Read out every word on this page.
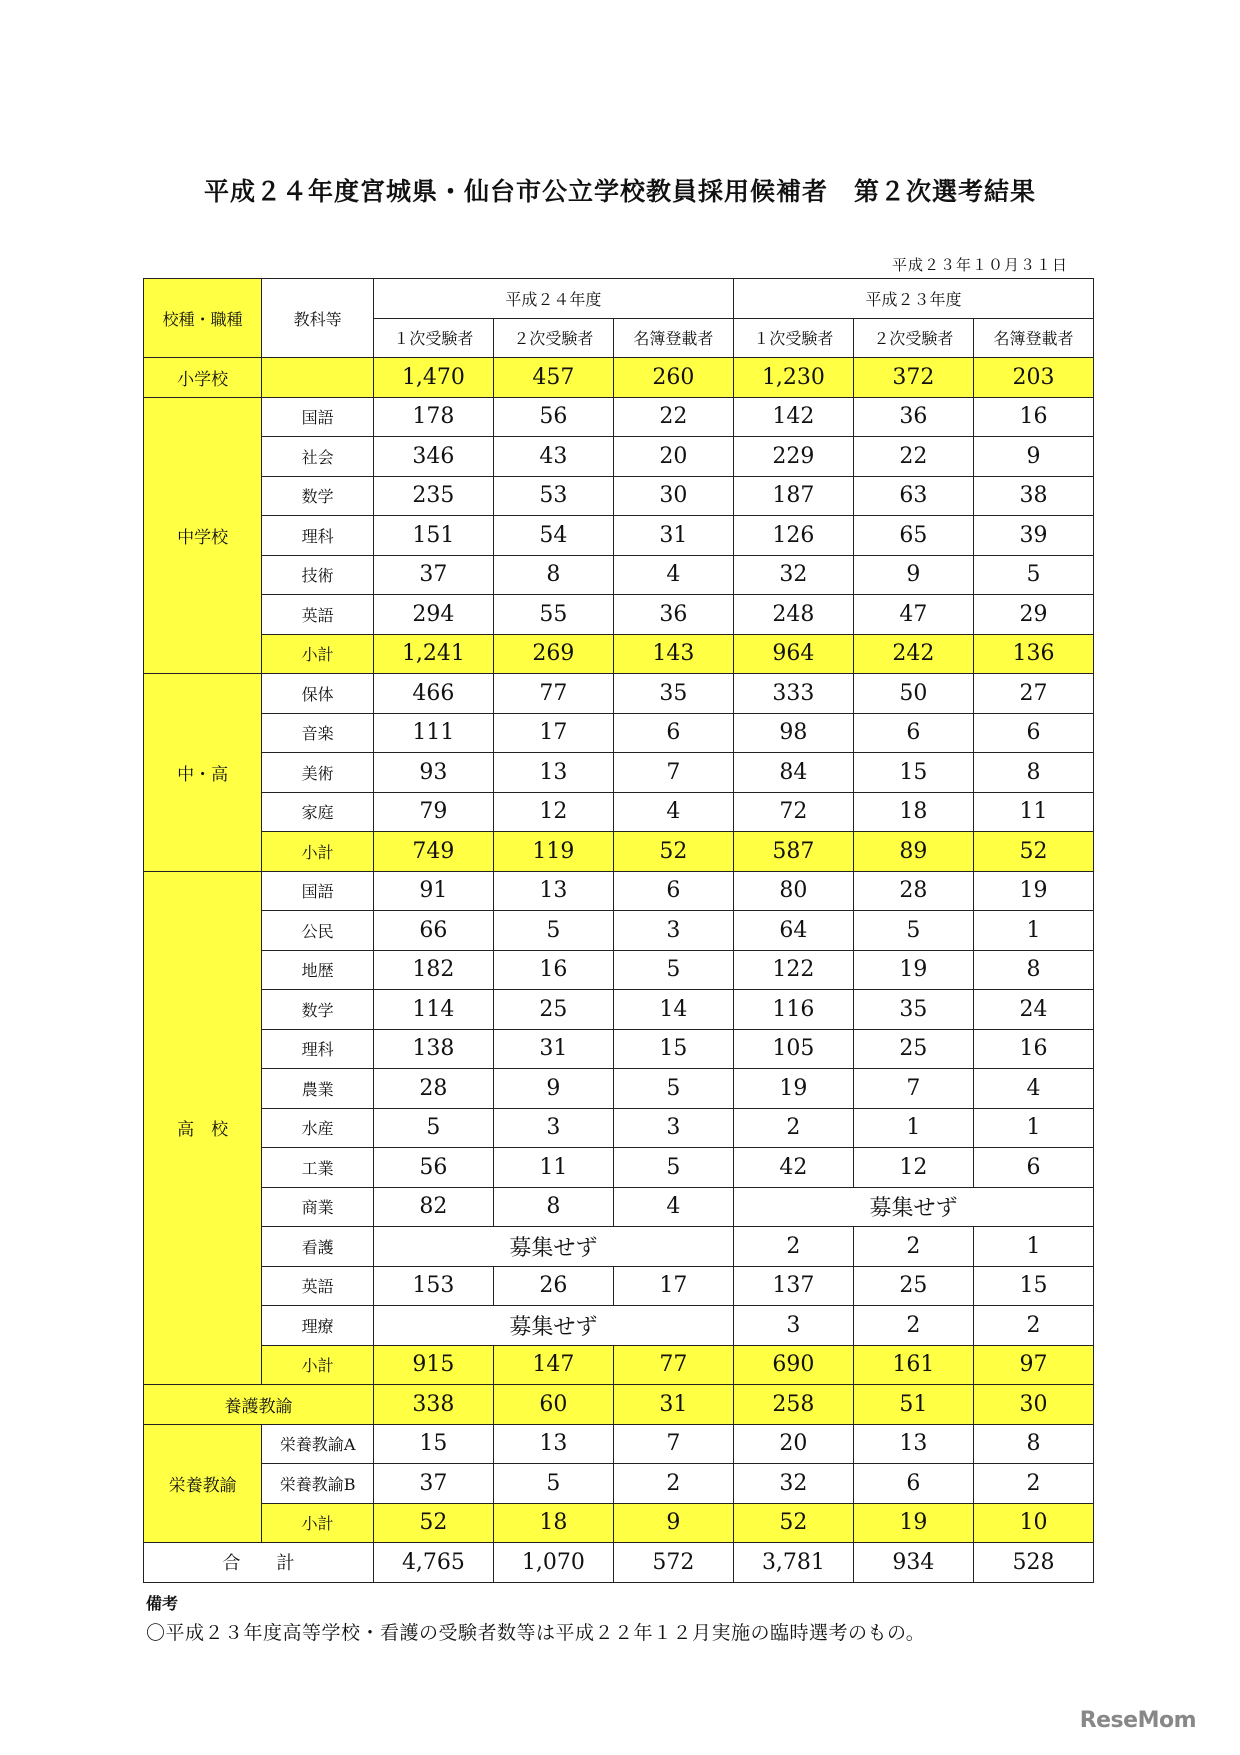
平成２４年度宮城県・仙台市公立学校教員採用候補者　第２次選考結果
平成２３年１０月３１日
校種・職種	教科等	平成２４年度			平成２３年度		
		１次受験者	２次受験者	名簿登載者	１次受験者	２次受験者	名簿登載者
小学校		1,470	457	260	1,230	372	203
中学校	国語	178	56	22	142	36	16
	社会	346	43	20	229	22	9
	数学	235	53	30	187	63	38
	理科	151	54	31	126	65	39
	技術	37	8	4	32	9	5
	英語	294	55	36	248	47	29
	小計	1,241	269	143	964	242	136
中・高	保体	466	77	35	333	50	27
	音楽	111	17	6	98	6	6
	美術	93	13	7	84	15	8
	家庭	79	12	4	72	18	11
	小計	749	119	52	587	89	52
高　校	国語	91	13	6	80	28	19
	公民	66	5	3	64	5	1
	地歴	182	16	5	122	19	8
	数学	114	25	14	116	35	24
	理科	138	31	15	105	25	16
	農業	28	9	5	19	7	4
	水産	5	3	3	2	1	1
	工業	56	11	5	42	12	6
	商業	82	8	4	募集せず		
	看護	募集せず			2	2	1
	英語	153	26	17	137	25	15
	理療	募集せず			3	2	2
	小計	915	147	77	690	161	97
養護教諭		338	60	31	258	51	30
栄養教諭	栄養教諭A	15	13	7	20	13	8
	栄養教諭B	37	5	2	32	6	2
	小計	52	18	9	52	19	10
合　　計		4,765	1,070	572	3,781	934	528
備考
〇平成２３年度高等学校・看護の受験者数等は平成２２年１２月実施の臨時選考のもの。
ReseMom
